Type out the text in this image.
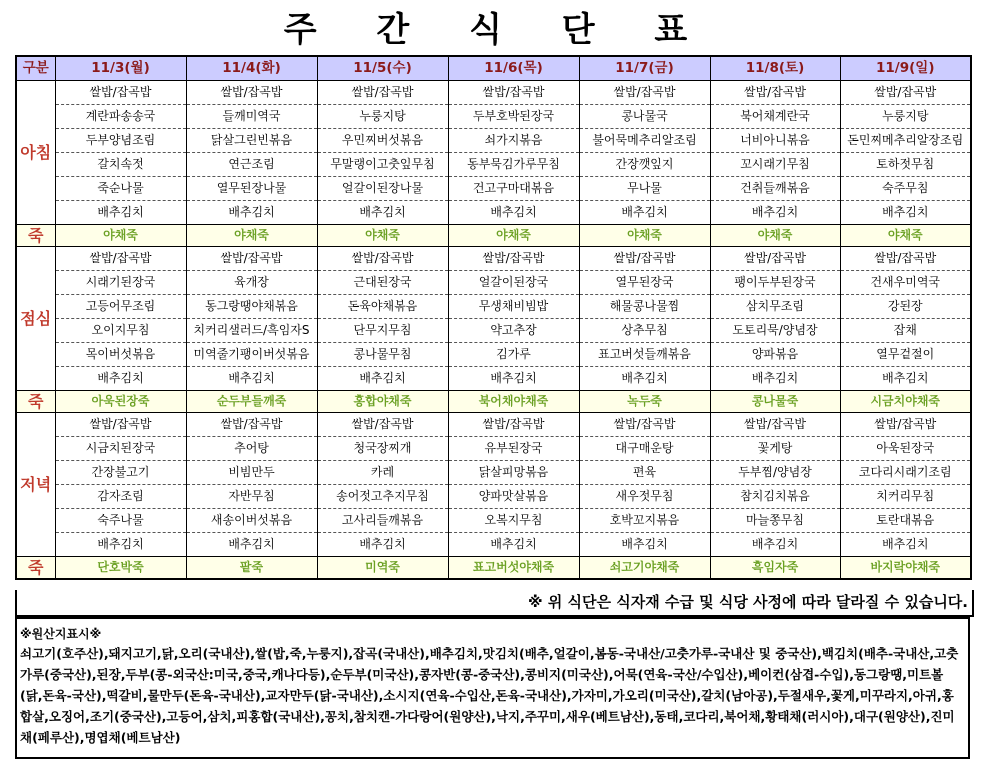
주 간 식 단 표
구분	11/3(월)	11/4(화)	11/5(수)	11/6(목)	11/7(금)	11/8(토)	11/9(일)
아침	쌀밥/잡곡밥	쌀밥/잡곡밥	쌀밥/잡곡밥	쌀밥/잡곡밥	쌀밥/잡곡밥	쌀밥/잡곡밥	쌀밥/잡곡밥
	계란파송송국	들깨미역국	누룽지탕	두부호박된장국	콩나물국	북어채계란국	누룽지탕
	두부양념조림	닭살그린빈볶음	우민찌버섯볶음	쇠가지볶음	불어묵메추리알조림	너비아니볶음	돈민찌메추리알장조림
	갈치속젓	연근조림	무말랭이고춧잎무침	동부묵김가루무침	간장깻잎지	꼬시래기무침	토하젓무침
	죽순나물	열무된장나물	얼갈이된장나물	건고구마대볶음	무나물	건취들깨볶음	숙주무침
	배추김치	배추김치	배추김치	배추김치	배추김치	배추김치	배추김치
죽	야채죽	야채죽	야채죽	야채죽	야채죽	야채죽	야채죽
점심	쌀밥/잡곡밥	쌀밥/잡곡밥	쌀밥/잡곡밥	쌀밥/잡곡밥	쌀밥/잡곡밥	쌀밥/잡곡밥	쌀밥/잡곡밥
	시래기된장국	육개장	근대된장국	얼갈이된장국	열무된장국	팽이두부된장국	건새우미역국
	고등어무조림	동그랑땡야채볶음	돈육야채볶음	무생채비빔밥	해물콩나물찜	삼치무조림	강된장
	오이지무침	치커리샐러드/흑임자S	단무지무침	약고추장	상추무침	도토리묵/양념장	잡채
	목이버섯볶음	미역줄기팽이버섯볶음	콩나물무침	김가루	표고버섯들깨볶음	양파볶음	열무겉절이
	배추김치	배추김치	배추김치	배추김치	배추김치	배추김치	배추김치
죽	아욱된장죽	순두부들깨죽	홍합야채죽	북어채야채죽	녹두죽	콩나물죽	시금치야채죽
저녁	쌀밥/잡곡밥	쌀밥/잡곡밥	쌀밥/잡곡밥	쌀밥/잡곡밥	쌀밥/잡곡밥	쌀밥/잡곡밥	쌀밥/잡곡밥
	시금치된장국	추어탕	청국장찌개	유부된장국	대구매운탕	꽃게탕	아욱된장국
	간장불고기	비빔만두	카레	닭살피망볶음	편육	두부찜/양념장	코다리시래기조림
	감자조림	자반무침	송어젓고추지무침	양파맛살볶음	새우젓무침	참치김치볶음	치커리무침
	숙주나물	새송이버섯볶음	고사리들깨볶음	오복지무침	호박꼬지볶음	마늘쫑무침	토란대볶음
	배추김치	배추김치	배추김치	배추김치	배추김치	배추김치	배추김치
죽	단호박죽	팥죽	미역죽	표고버섯야채죽	쇠고기야채죽	흑임자죽	바지락야채죽
※ 위 식단은 식자재 수급 및 식당 사정에 따라 달라질 수 있습니다.
※원산지표시※
쇠고기(호주산),돼지고기,닭,오리(국내산),쌀(밥,죽,누룽지),잡곡(국내산),배추김치,맛김치(배추,얼갈이,봄동-국내산/고춧가루-국내산 및 중국산),백김치(배추-국내산,고춧가루(중국산),된장,두부(콩-외국산:미국,중국,캐나다등),순두부(미국산),콩자반(콩-중국산),콩비지(미국산),어묵(연육-국산/수입산),베이컨(삼겹-수입),동그랑땡,미트볼(닭,돈육-국산),떡갈비,물만두(돈육-국내산),교자만두(닭-국내산),소시지(연육-수입산,돈육-국내산),가자미,가오리(미국산),갈치(남아공),두절새우,꽃게,미꾸라지,아귀,홍합살,오징어,조기(중국산),고등어,삼치,피홍합(국내산),꽁치,참치캔-가다랑어(원양산),낙지,주꾸미,새우(베트남산),동태,코다리,북어채,황태채(러시아),대구(원양산),진미채(페루산),명엽채(베트남산)
